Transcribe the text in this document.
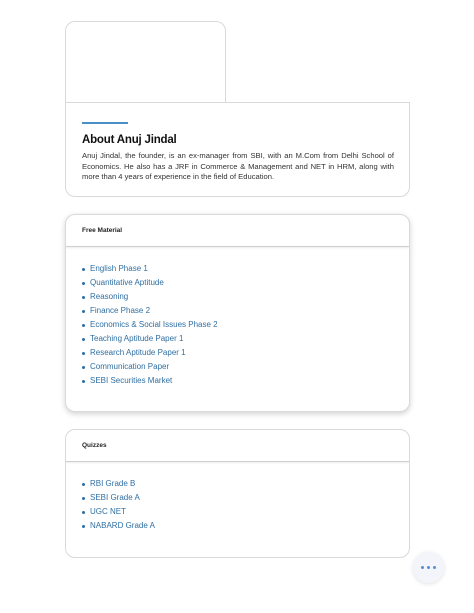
About Anuj Jindal

Anuj Jindal, the founder, is an ex-manager from SBI, with an M.Com from Delhi School of Economics. He also has a JRF in Commerce & Management and NET in HRM, along with more than 4 years of experience in the field of Education.

Free Material
English Phase 1
Quantitative Aptitude
Reasoning
Finance Phase 2
Economics & Social Issues Phase 2
Teaching Aptitude Paper 1
Research Aptitude Paper 1
Communication Paper
SEBI Securities Market
Quizzes
RBI Grade B
SEBI Grade A
UGC NET
NABARD Grade A
